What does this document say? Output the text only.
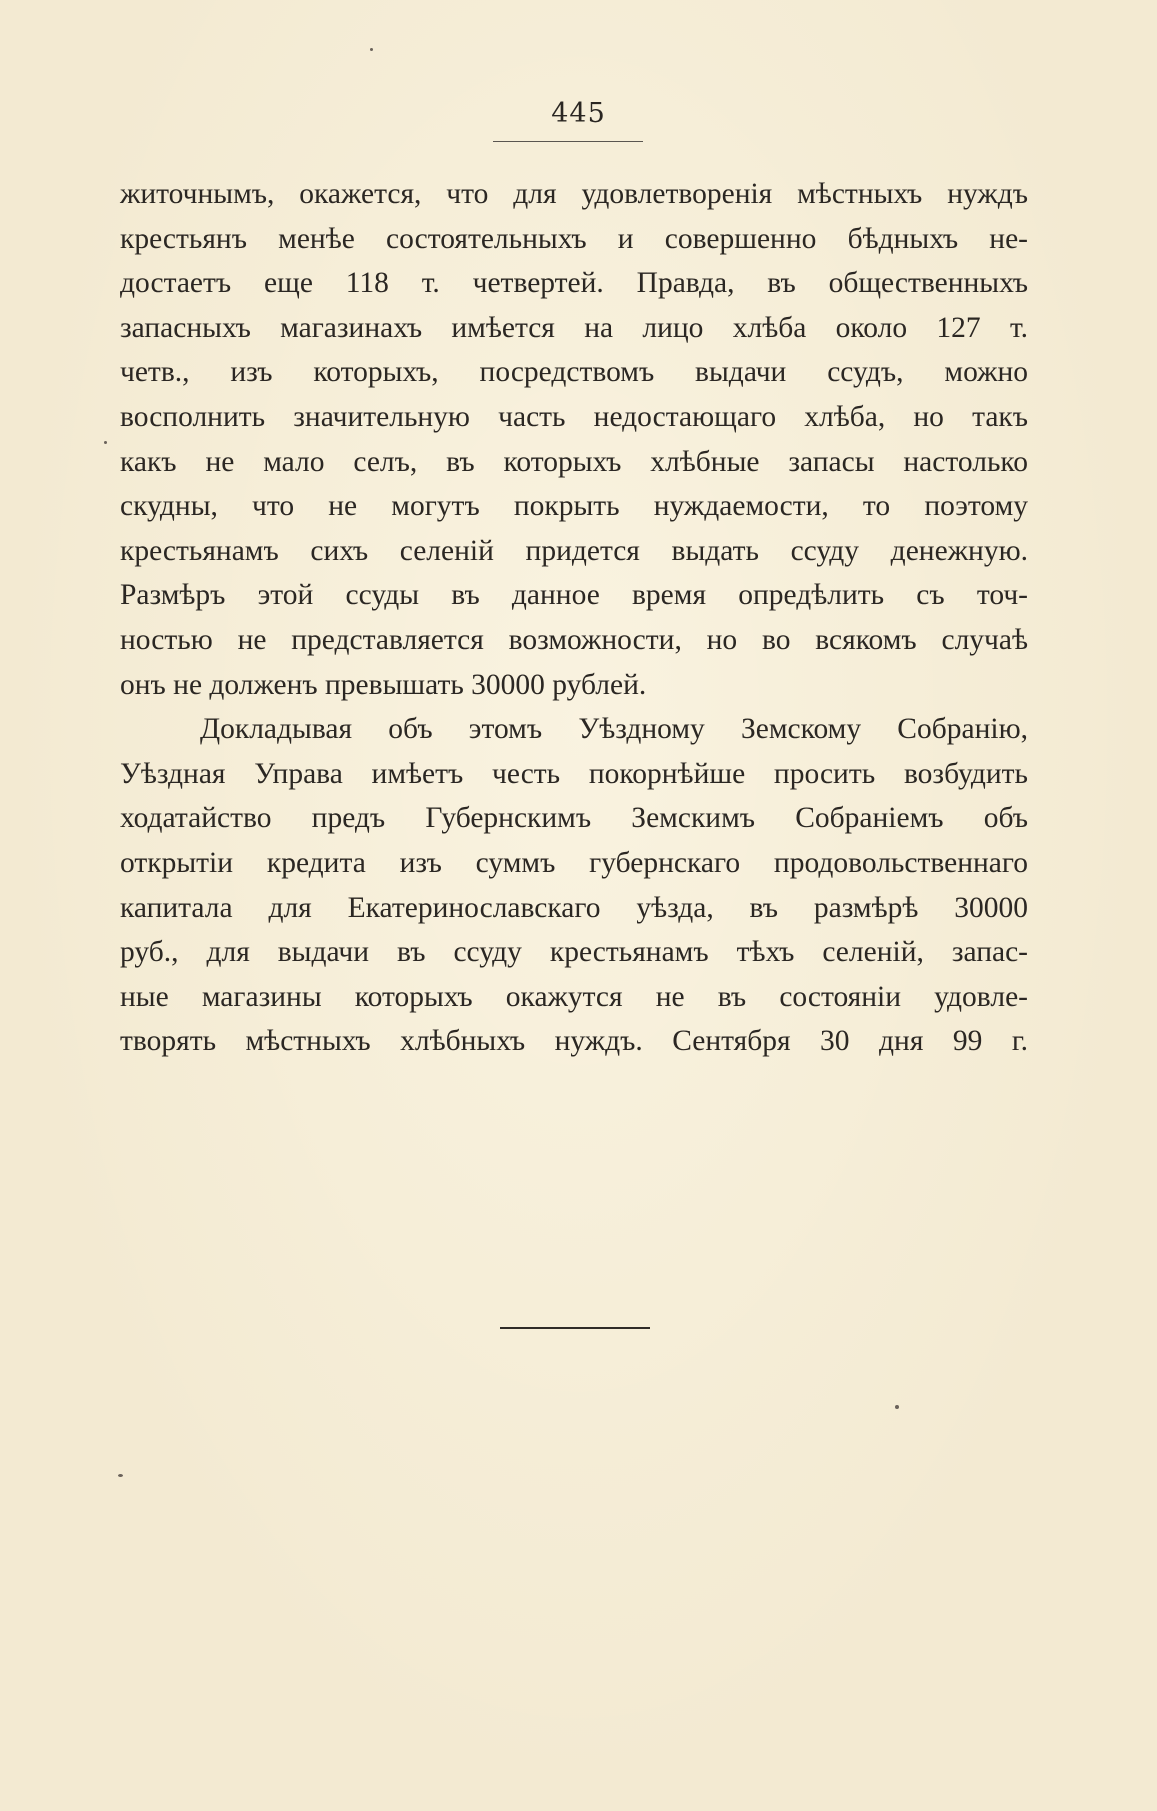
445
житочнымъ, окажется, что для удовлетворенія мѣстныхъ нуждъ
крестьянъ менѣе состоятельныхъ и совершенно бѣдныхъ не-
достаетъ еще 118 т. четвертей. Правда, въ общественныхъ
запасныхъ магазинахъ имѣется на лицо хлѣба около 127 т.
четв., изъ которыхъ, посредствомъ выдачи ссудъ, можно
восполнить значительную часть недостающаго хлѣба, но такъ
какъ не мало селъ, въ которыхъ хлѣбные запасы настолько
скудны, что не могутъ покрыть нуждаемости, то поэтому
крестьянамъ сихъ селеній придется выдать ссуду денежную.
Размѣръ этой ссуды въ данное время опредѣлить съ точ-
ностью не представляется возможности, но во всякомъ случаѣ
онъ не долженъ превышать 30000 рублей.
Докладывая объ этомъ Уѣздному Земскому Собранію,
Уѣздная Управа имѣетъ честь покорнѣйше просить возбудить
ходатайство предъ Губернскимъ Земскимъ Собраніемъ объ
открытіи кредита изъ суммъ губернскаго продовольственнаго
капитала для Екатеринославскаго уѣзда, въ размѣрѣ 30000
руб., для выдачи въ ссуду крестьянамъ тѣхъ селеній, запас-
ные магазины которыхъ окажутся не въ состояніи удовле-
творять мѣстныхъ хлѣбныхъ нуждъ. Сентября 30 дня 99 г.
